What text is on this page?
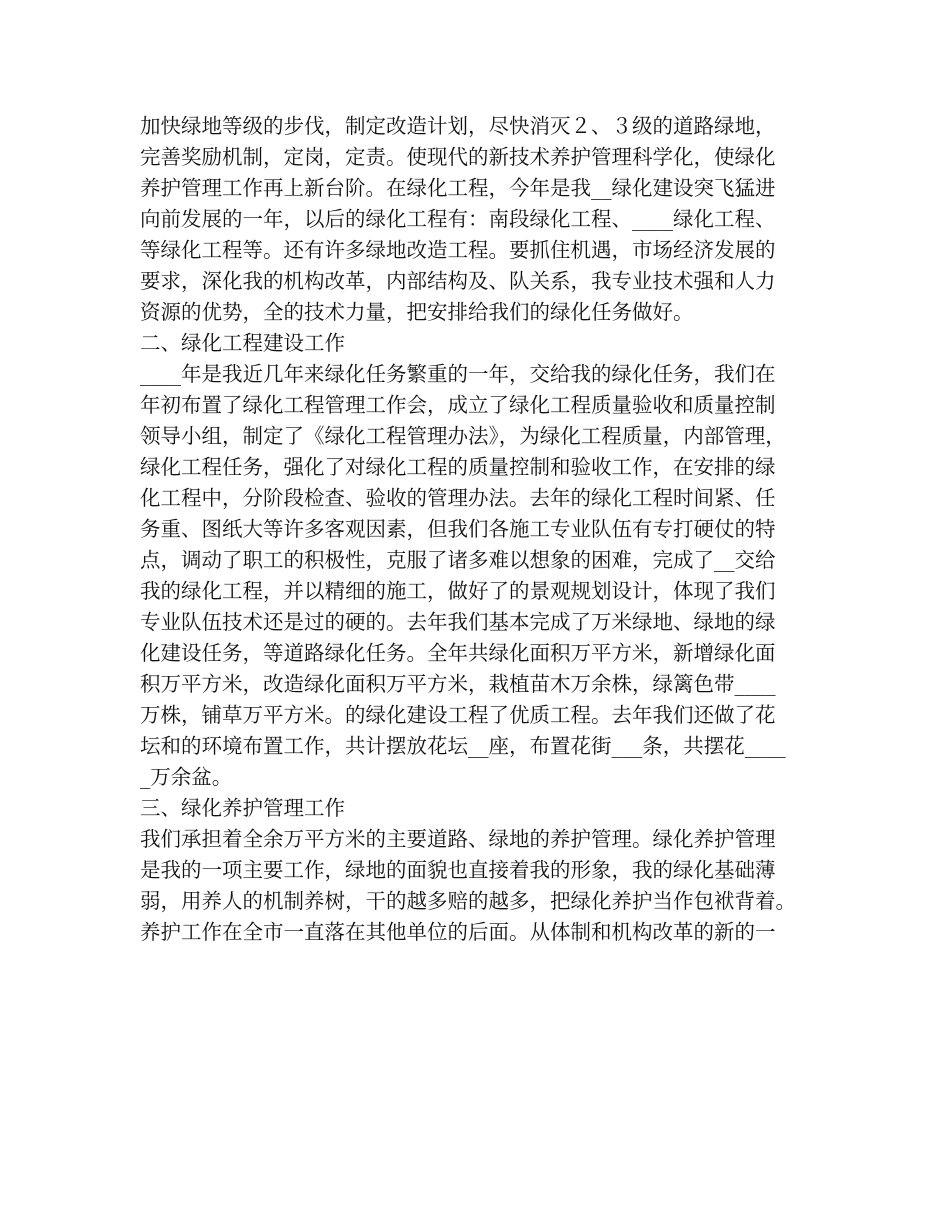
加快绿地等级的步伐，制定改造计划，尽快消灭２、３级的道路绿地，
完善奖励机制，定岗，定责。使现代的新技术养护管理科学化，使绿化
养护管理工作再上新台阶。在绿化工程，今年是我__绿化建设突飞猛进
向前发展的一年，以后的绿化工程有：南段绿化工程、____绿化工程、
等绿化工程等。还有许多绿地改造工程。要抓住机遇，市场经济发展的
要求，深化我的机构改革，内部结构及、队关系，我专业技术强和人力
资源的优势，全的技术力量，把安排给我们的绿化任务做好。
二、绿化工程建设工作
____年是我近几年来绿化任务繁重的一年，交给我的绿化任务，我们在
年初布置了绿化工程管理工作会，成立了绿化工程质量验收和质量控制
领导小组，制定了《绿化工程管理办法》，为绿化工程质量，内部管理，
绿化工程任务，强化了对绿化工程的质量控制和验收工作，在安排的绿
化工程中，分阶段检查、验收的管理办法。去年的绿化工程时间紧、任
务重、图纸大等许多客观因素，但我们各施工专业队伍有专打硬仗的特
点，调动了职工的积极性，克服了诸多难以想象的困难，完成了__交给
我的绿化工程，并以精细的施工，做好了的景观规划设计，体现了我们
专业队伍技术还是过的硬的。去年我们基本完成了万米绿地、绿地的绿
化建设任务，等道路绿化任务。全年共绿化面积万平方米，新增绿化面
积万平方米，改造绿化面积万平方米，栽植苗木万余株，绿篱色带____
万株，铺草万平方米。的绿化建设工程了优质工程。去年我们还做了花
坛和的环境布置工作，共计摆放花坛__座，布置花街___条，共摆花____
_万余盆。
三、绿化养护管理工作
我们承担着全余万平方米的主要道路、绿地的养护管理。绿化养护管理
是我的一项主要工作，绿地的面貌也直接着我的形象，我的绿化基础薄
弱，用养人的机制养树，干的越多赔的越多，把绿化养护当作包袱背着。
养护工作在全市一直落在其他单位的后面。从体制和机构改革的新的一
